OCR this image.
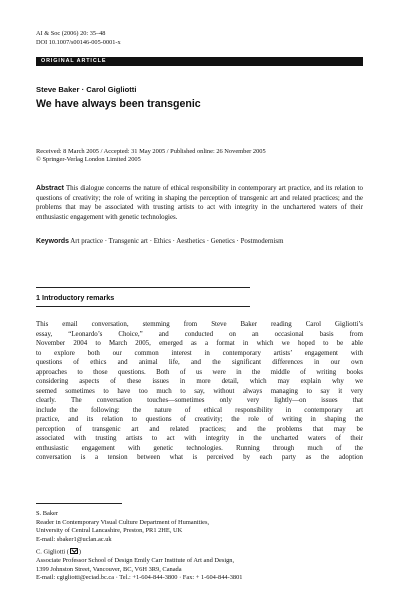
AI & Soc (2006) 20: 35–48
DOI 10.1007/s00146-005-0001-x
ORIGINAL ARTICLE
Steve Baker · Carol Gigliotti
We have always been transgenic
Received: 8 March 2005 / Accepted: 31 May 2005 / Published online: 26 November 2005
© Springer-Verlag London Limited 2005
Abstract This dialogue concerns the nature of ethical responsibility in contemporary art practice, and its relation to questions of creativity; the role of writing in shaping the perception of transgenic art and related practices; and the problems that may be associated with trusting artists to act with integrity in the unchartered waters of their enthusiastic engagement with genetic technologies.
Keywords Art practice · Transgenic art · Ethics · Aesthetics · Genetics · Postmodernism
1 Introductory remarks
This email conversation, stemming from Steve Baker reading Carol Gigliotti’s
essay, “Leonardo’s Choice,” and conducted on an occasional basis from
November 2004 to March 2005, emerged as a format in which we hoped to be able
to explore both our common interest in contemporary artists’ engagement with
questions of ethics and animal life, and the significant differences in our own
approaches to those questions. Both of us were in the middle of writing books
considering aspects of these issues in more detail, which may explain why we
seemed sometimes to have too much to say, without always managing to say it very
clearly. The conversation touches—sometimes only very lightly—on issues that
include the following: the nature of ethical responsibility in contemporary art
practice, and its relation to questions of creativity; the role of writing in shaping the
perception of transgenic art and related practices; and the problems that may be
associated with trusting artists to act with integrity in the uncharted waters of their
enthusiastic engagement with genetic technologies. Running through much of the
conversation is a tension between what is perceived by each party as the adoption
S. Baker
Reader in Contemporary Visual Culture Department of Humanities,
University of Central Lancashire, Preston, PR1 2HE, UK
E-mail: sbaker1@uclan.ac.uk
C. Gigliotti ( )
Associate Professor School of Design Emily Carr Institute of Art and Design,
1399 Johnston Street, Vancouver, BC, V6H 3R9, Canada
E-mail: cgigliotti@eciad.bc.ca · Tel.: +1-604-844-3800 · Fax: + 1-604-844-3801
